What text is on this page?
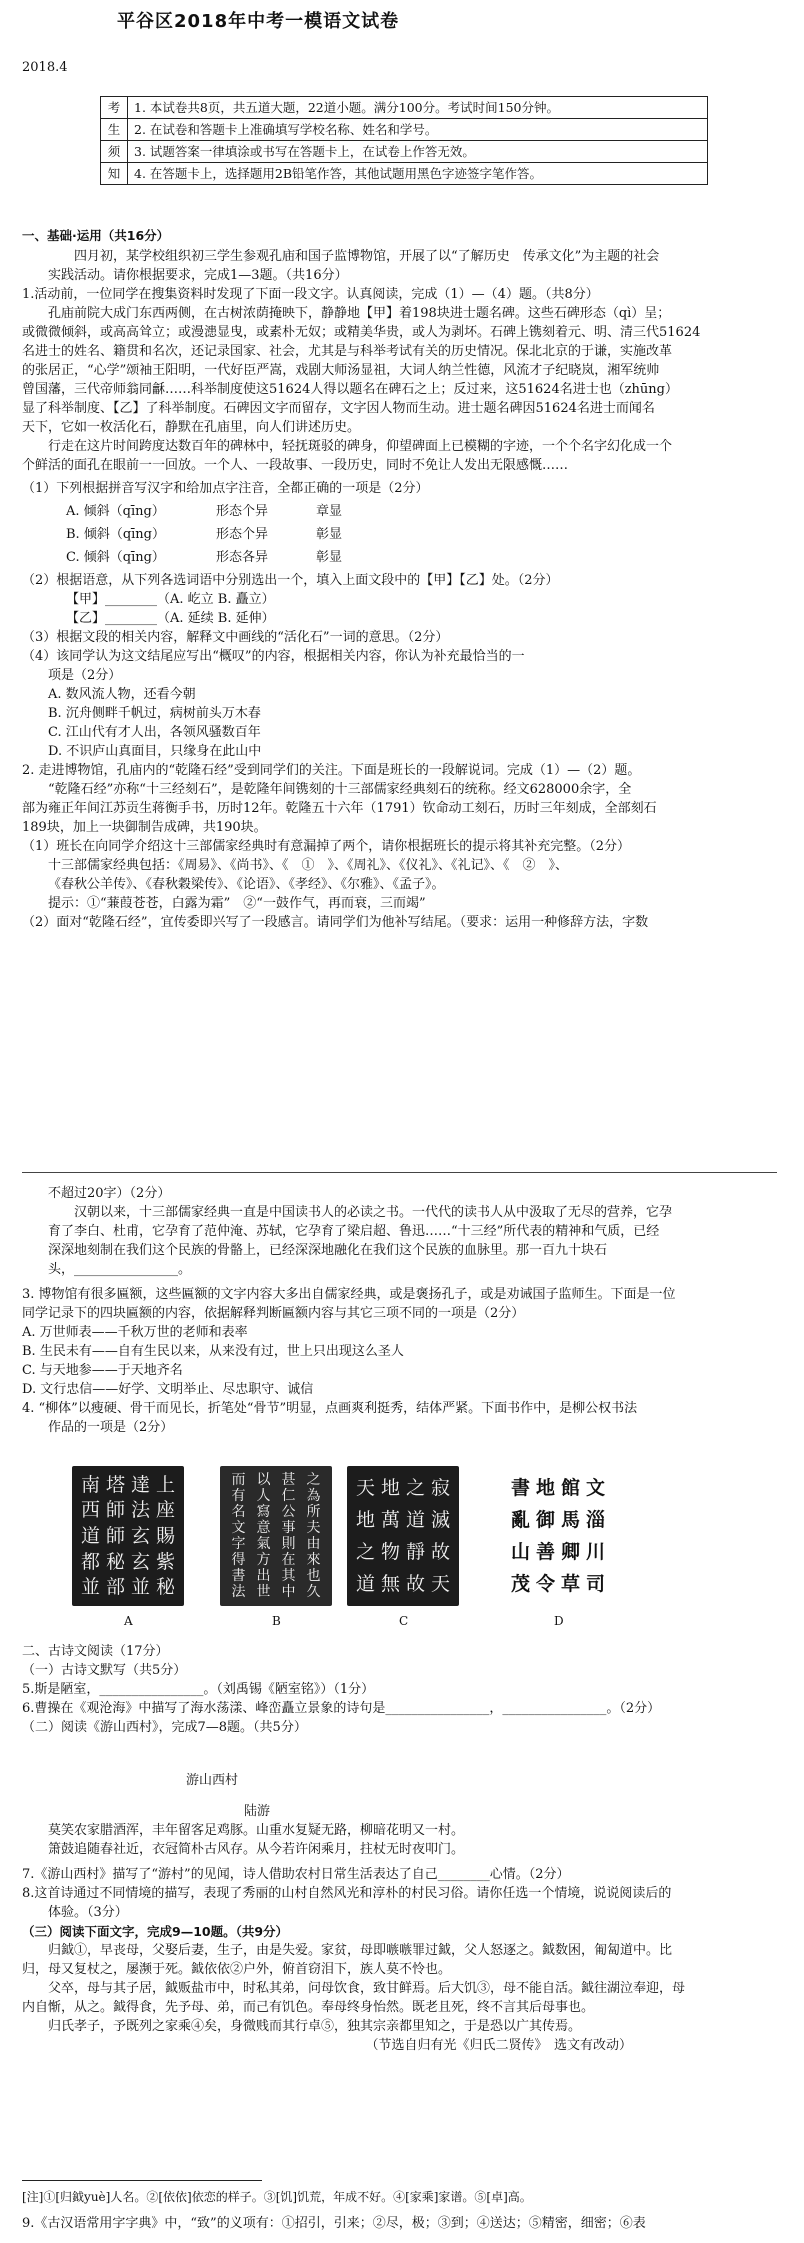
平谷区2018年中考一模语文试卷
2018.4
考	1. 本试卷共8页，共五道大题，22道小题。满分100分。考试时间150分钟。
生	2. 在试卷和答题卡上准确填写学校名称、姓名和学号。
须	3. 试题答案一律填涂或书写在答题卡上，在试卷上作答无效。
知	4. 在答题卡上，选择题用2B铅笔作答，其他试题用黑色字迹签字笔作答。

一、基础·运用（共16分）

四月初，某学校组织初三学生参观孔庙和国子监博物馆，开展了以“了解历史　传承文化”为主题的社会

实践活动。请你根据要求，完成1—3题。（共16分）

1.活动前，一位同学在搜集资料时发现了下面一段文字。认真阅读，完成（1）—（4）题。（共8分）

孔庙前院大成门东西两侧，在古树浓荫掩映下，静静地【甲】着198块进士题名碑。这些石碑形态（qì）呈；

或微微倾斜，或高高耸立；或漫漶显曳，或素朴无奴；或精美华贵，或人为剥坏。石碑上镌刻着元、明、清三代51624

名进士的姓名、籍贯和名次，还记录国家、社会，尤其是与科举考试有关的历史情况。保北北京的于谦，实施改革

的张居正，“心学”颂袖王阳明，一代好臣严嵩，戏剧大师汤显祖，大词人纳兰性德，风流才子纪晓岚，湘军统帅

曾国藩，三代帝师翁同龢……科举制度使这51624人得以题名在碑石之上；反过来，这51624名进士也（zhūng）

显了科举制度、【乙】了科举制度。石碑因文字而留存，文字因人物而生动。进士题名碑因51624名进士而闻名

天下，它如一枚活化石，静默在孔庙里，向人们讲述历史。

行走在这片时间跨度达数百年的碑林中，轻抚斑驳的碑身，仰望碑面上已模糊的字迹，一个个名字幻化成一个

个鲜活的面孔在眼前一一回放。一个人、一段故事、一段历史，同时不免让人发出无限感慨……

（1）下列根据拼音写汉字和给加点字注音，全都正确的一项是（2分）

A. 倾斜（qīng）	形态个异	章显

B. 倾斜（qīng）	形态个异	彰显

C. 倾斜（qīng）	形态各异	彰显

（2）根据语意，从下列各选词语中分别选出一个，填入上面文段中的【甲】【乙】处。（2分）

【甲】________（A. 屹立 B. 矗立）

【乙】________（A. 延续 B. 延伸）

（3）根据文段的相关内容，解释文中画线的“活化石”一词的意思。（2分）

（4）该同学认为这文结尾应写出“概叹”的内容，根据相关内容，你认为补充最恰当的一

项是（2分）

A. 数风流人物，还看今朝

B. 沉舟侧畔千帆过，病树前头万木春

C. 江山代有才人出，各领风骚数百年

D. 不识庐山真面目，只缘身在此山中

2. 走进博物馆，孔庙内的“乾隆石经”受到同学们的关注。下面是班长的一段解说词。完成（1）—（2）题。

“乾隆石经”亦称“十三经刻石”，是乾隆年间镌刻的十三部儒家经典刻石的统称。经文628000余字，全

部为雍正年间江苏贡生蒋衡手书，历时12年。乾隆五十六年（1791）钦命动工刻石，历时三年刻成，全部刻石

189块，加上一块御制告成碑，共190块。

（1）班长在向同学介绍这十三部儒家经典时有意漏掉了两个，请你根据班长的提示将其补充完整。（2分）

十三部儒家经典包括：《周易》、《尚书》、《　①　》、《周礼》、《仪礼》、《礼记》、《　②　》、

《春秋公羊传》、《春秋穀梁传》、《论语》、《孝经》、《尔雅》、《孟子》。

提示：①“蒹葭苍苍，白露为霜”　②“一鼓作气，再而衰，三而竭”

（2）面对“乾隆石经”，宜传委即兴写了一段感言。请同学们为他补写结尾。（要求：运用一种修辞方法，字数

不超过20字）（2分）

汉朝以来，十三部儒家经典一直是中国读书人的必读之书。一代代的读书人从中汲取了无尽的营养，它孕

育了李白、杜甫，它孕育了范仲淹、苏轼，它孕育了梁启超、鲁迅……“十三经”所代表的精神和气质，已经

深深地刻制在我们这个民族的骨骼上，已经深深地融化在我们这个民族的血脉里。那一百九十块石

头，________________。

3. 博物馆有很多匾额，这些匾额的文字内容大多出自儒家经典，或是褒扬孔子，或是劝诫国子监师生。下面是一位

同学记录下的四块匾额的内容，依据解释判断匾额内容与其它三项不同的一项是（2分）

A. 万世师表——千秋万世的老师和表率

B. 生民未有——自有生民以来，从来没有过，世上只出现这么圣人

C. 与天地参——于天地齐名

D. 文行忠信——好学、文明举止、尽忠职守、诚信

4. “柳体”以瘦硬、骨干而见长，折笔处“骨节”明显，点画爽利挺秀，结体严紧。下面书作中，是柳公权书法

作品的一项是（2分）

上
座
賜
紫
秘
達
法
玄
玄
並
塔
師
師
秘
部
南
西
道
都
並
之
為
所
夫
由
來
也
久
甚
仁
公
事
則
在
其
中
以
人
寫
意
氣
方
出
世
而
有
名
文
字
得
書
法
寂
滅
故
天
之
道
靜
故
地
萬
物
無
天
地
之
道
文
淄
川
司
館
馬
卿
草
地
御
善
令
書
亂
山
茂
A	B	C	D

二、古诗文阅读（17分）

（一）古诗文默写（共5分）

5.斯是陋室，________________。（刘禹锡《陋室铭》）（1分）

6.曹操在《观沧海》中描写了海水荡漾、峰峦矗立景象的诗句是________________，________________。（2分）

（二）阅读《游山西村》，完成7—8题。（共5分）

游山西村

陆游

莫笑农家腊酒浑，丰年留客足鸡豚。山重水复疑无路，柳暗花明又一村。

箫鼓追随春社近，衣冠简朴古风存。从今若许闲乘月，拄杖无时夜叩门。

7.《游山西村》描写了“游村”的见闻，诗人借助农村日常生活表达了自己________心情。（2分）

8.这首诗通过不同情境的描写，表现了秀丽的山村自然风光和淳朴的村民习俗。请你任选一个情境，说说阅读后的

体验。（3分）

（三）阅读下面文字，完成9—10题。（共9分）

归鉞①，早丧母，父娶后妻，生子，由是失爱。家贫，母即嗾嗾罪过鉞，父人怒逐之。鉞数困，匍匐道中。比

归，母又复杖之，屡濒于死。鉞依依②户外，俯首窃泪下，族人莫不怜也。

父卒，母与其子居，鉞贩盐市中，时私其弟，问母饮食，致甘鲜焉。后大饥③，母不能自活。鉞往湖泣奉迎，母

内自惭，从之。鉞得食，先予母、弟，而己有饥色。奉母终身怡然。既老且死，终不言其后母事也。

归氏孝子，予既列之家乘④矣，身微贱而其行卓⑤，独其宗亲都里知之，于是恐以广其传焉。

（节选自归有光《归氏二贤传》　选文有改动）

[注]①[归鉞yuè]人名。②[依依]依恋的样子。③[饥]饥荒，年成不好。④[家乘]家谱。⑤[卓]高。

9.《古汉语常用字字典》中，“致”的义项有：①招引，引来；②尽，极；③到；④送达；⑤精密，细密；⑥表
